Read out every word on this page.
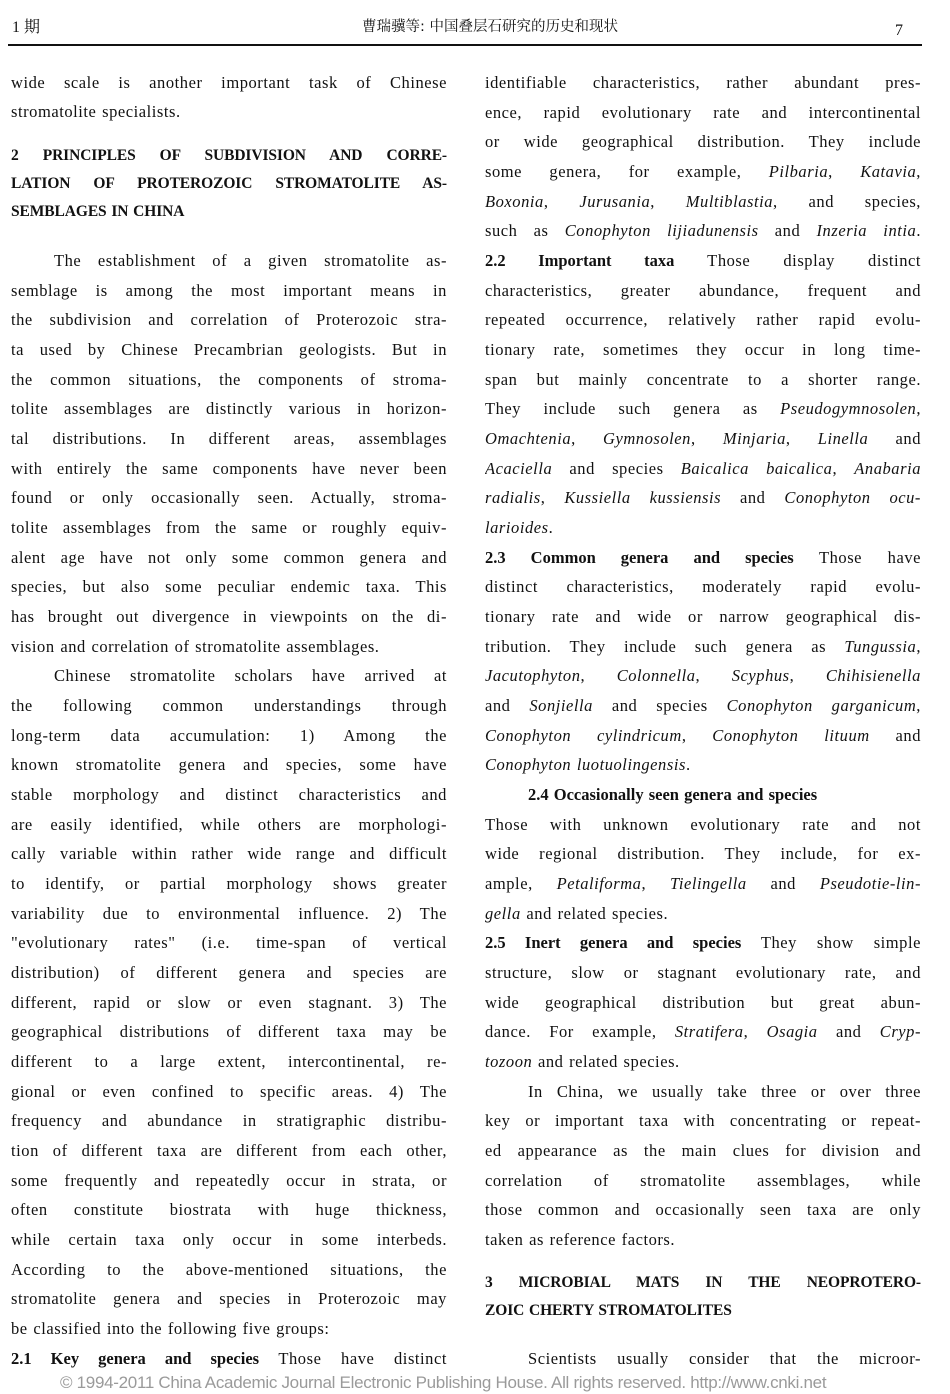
1 期	曹瑞骥等: 中国叠层石研究的历史和现状	7
wide scale is another important task of Chinese
stromatolite specialists.
2 PRINCIPLES OF SUBDIVISION AND CORRE-
LATION OF PROTEROZOIC STROMATOLITE AS-
SEMBLAGES IN CHINA
The establishment of a given stromatolite as-
semblage is among the most important means in
the subdivision and correlation of Proterozoic stra-
ta used by Chinese Precambrian geologists. But in
the common situations, the components of stroma-
tolite assemblages are distinctly various in horizon-
tal distributions. In different areas, assemblages
with entirely the same components have never been
found or only occasionally seen. Actually, stroma-
tolite assemblages from the same or roughly equiv-
alent age have not only some common genera and
species, but also some peculiar endemic taxa. This
has brought out divergence in viewpoints on the di-
vision and correlation of stromatolite assemblages.
Chinese stromatolite scholars have arrived at
the following common understandings through
long-term data accumulation: 1) Among the
known stromatolite genera and species, some have
stable morphology and distinct characteristics and
are easily identified, while others are morphologi-
cally variable within rather wide range and difficult
to identify, or partial morphology shows greater
variability due to environmental influence. 2) The
"evolutionary rates" (i.e. time-span of vertical
distribution) of different genera and species are
different, rapid or slow or even stagnant. 3) The
geographical distributions of different taxa may be
different to a large extent, intercontinental, re-
gional or even confined to specific areas. 4) The
frequency and abundance in stratigraphic distribu-
tion of different taxa are different from each other,
some frequently and repeatedly occur in strata, or
often constitute biostrata with huge thickness,
while certain taxa only occur in some interbeds.
According to the above-mentioned situations, the
stromatolite genera and species in Proterozoic may
be classified into the following five groups:
2.1 Key genera and species Those have distinct
identifiable characteristics, rather abundant pres-
ence, rapid evolutionary rate and intercontinental
or wide geographical distribution. They include
some genera, for example, Pilbaria, Katavia,
Boxonia, Jurusania, Multiblastia, and species,
such as Conophyton lijiadunensis and Inzeria intia.
2.2 Important taxa Those display distinct
characteristics, greater abundance, frequent and
repeated occurrence, relatively rather rapid evolu-
tionary rate, sometimes they occur in long time-
span but mainly concentrate to a shorter range.
They include such genera as Pseudogymnosolen,
Omachtenia, Gymnosolen, Minjaria, Linella and
Acaciella and species Baicalica baicalica, Anabaria
radialis, Kussiella kussiensis and Conophyton ocu-
larioides.
2.3 Common genera and species Those have
distinct characteristics, moderately rapid evolu-
tionary rate and wide or narrow geographical dis-
tribution. They include such genera as Tungussia,
Jacutophyton, Colonnella, Scyphus, Chihisienella
and Sonjiella and species Conophyton garganicum,
Conophyton cylindricum, Conophyton lituum and
Conophyton luotuolingensis.
2.4 Occasionally seen genera and species
Those with unknown evolutionary rate and not
wide regional distribution. They include, for ex-
ample, Petaliforma, Tielingella and Pseudotie-lin-
gella and related species.
2.5 Inert genera and species They show simple
structure, slow or stagnant evolutionary rate, and
wide geographical distribution but great abun-
dance. For example, Stratifera, Osagia and Cryp-
tozoon and related species.
In China, we usually take three or over three
key or important taxa with concentrating or repeat-
ed appearance as the main clues for division and
correlation of stromatolite assemblages, while
those common and occasionally seen taxa are only
taken as reference factors.
3 MICROBIAL MATS IN THE NEOPROTERO-
ZOIC CHERTY STROMATOLITES
Scientists usually consider that the microor-
© 1994-2011 China Academic Journal Electronic Publishing House. All rights reserved. http://www.cnki.net
